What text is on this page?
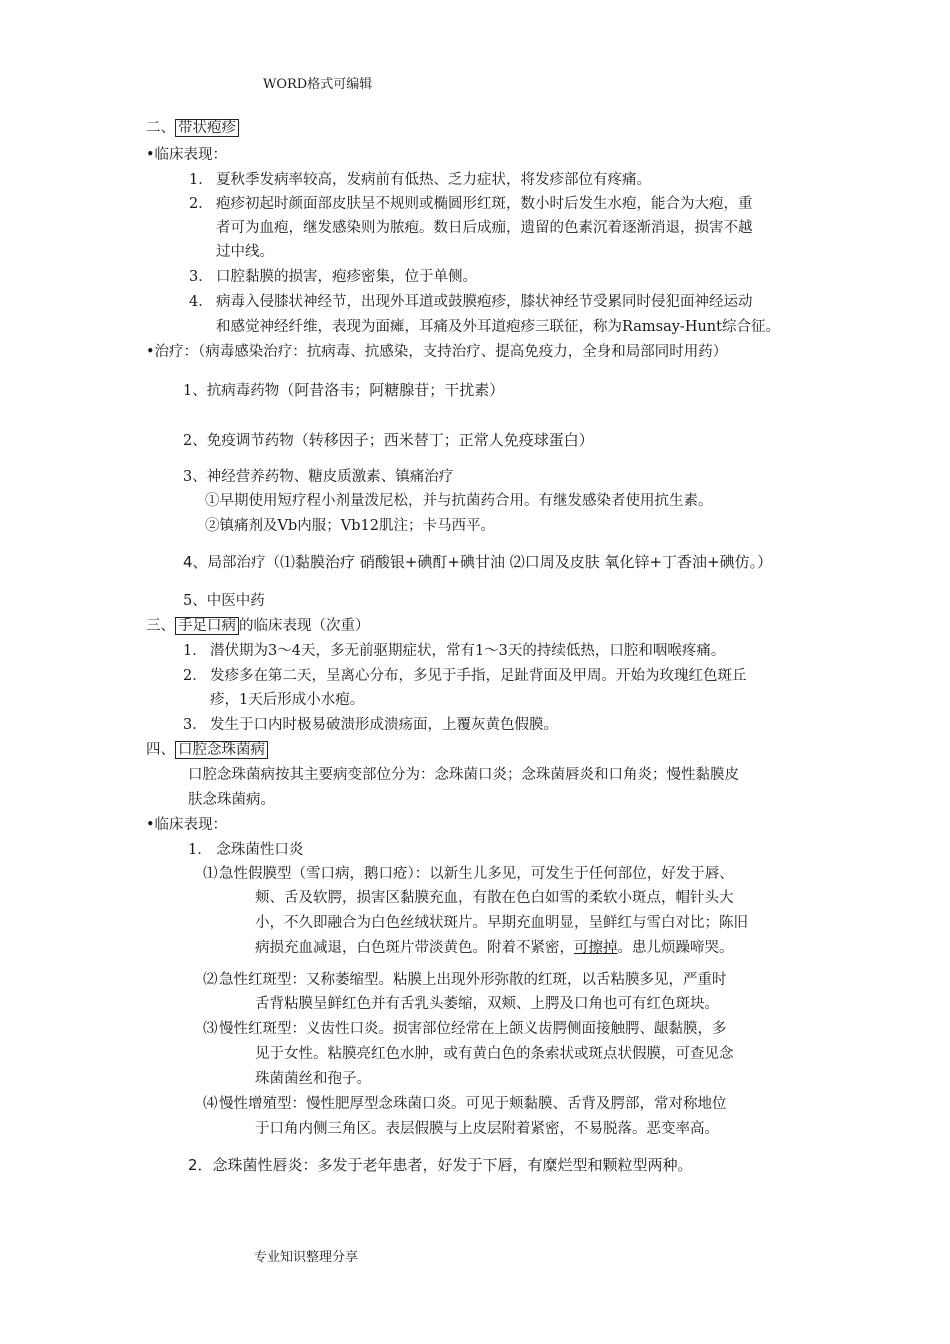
WORD格式可编辑
二、 带状疱疹
•临床表现：
1． 夏秋季发病率较高，发病前有低热、乏力症状，将发疹部位有疼痛。
2． 疱疹初起时颜面部皮肤呈不规则或椭圆形红斑，数小时后发生水疱，能合为大疱，重
者可为血疱，继发感染则为脓疱。数日后成痂，遗留的色素沉着逐渐消退，损害不越
过中线。
3． 口腔黏膜的损害，疱疹密集，位于单侧。
4． 病毒入侵膝状神经节，出现外耳道或鼓膜疱疹，膝状神经节受累同时侵犯面神经运动
和感觉神经纤维，表现为面瘫，耳痛及外耳道疱疹三联征，称为Ramsay-Hunt综合征。
•治疗：（病毒感染治疗：抗病毒、抗感染，支持治疗、提高免疫力，全身和局部同时用药）
1、抗病毒药物（阿昔洛韦；阿糖腺苷；干扰素）
2、免疫调节药物（转移因子；西米替丁；正常人免疫球蛋白）
3、神经营养药物、糖皮质激素、镇痛治疗
①早期使用短疗程小剂量泼尼松，并与抗菌药合用。有继发感染者使用抗生素。
②镇痛剂及Vb内服；Vb12肌注；卡马西平。
4、局部治疗（⑴黏膜治疗 硝酸银+碘酊+碘甘油 ⑵口周及皮肤 氧化锌+丁香油+碘仿。）
5、中医中药
三、 手足口病 的临床表现（次重）
1． 潜伏期为3～4天，多无前驱期症状，常有1～3天的持续低热，口腔和咽喉疼痛。
2． 发疹多在第二天，呈离心分布，多见于手指，足趾背面及甲周。开始为玫瑰红色斑丘
疹，1天后形成小水疱。
3． 发生于口内时极易破溃形成溃疡面，上覆灰黄色假膜。
四、 口腔念珠菌病
口腔念珠菌病按其主要病变部位分为：念珠菌口炎；念珠菌唇炎和口角炎；慢性黏膜皮
肤念珠菌病。
•临床表现：
1． 念珠菌性口炎
⑴ 急性假膜型（雪口病，鹅口疮）：以新生儿多见，可发生于任何部位，好发于唇、
颊、舌及软腭，损害区黏膜充血，有散在色白如雪的柔软小斑点，帽针头大
小，不久即融合为白色丝绒状斑片。早期充血明显，呈鲜红与雪白对比；陈旧
病损充血减退，白色斑片带淡黄色。附着不紧密，可擦掉。患儿烦躁啼哭。
⑵ 急性红斑型：又称萎缩型。粘膜上出现外形弥散的红斑，以舌粘膜多见，严重时
舌背粘膜呈鲜红色并有舌乳头萎缩，双颊、上腭及口角也可有红色斑块。
⑶ 慢性红斑型：义齿性口炎。损害部位经常在上颌义齿腭侧面接触腭、龈黏膜，多
见于女性。粘膜亮红色水肿，或有黄白色的条索状或斑点状假膜，可查见念
珠菌菌丝和孢子。
⑷ 慢性增殖型：慢性肥厚型念珠菌口炎。可见于颊黏膜、舌背及腭部，常对称地位
于口角内侧三角区。表层假膜与上皮层附着紧密，不易脱落。恶变率高。
2．念珠菌性唇炎：多发于老年患者，好发于下唇，有糜烂型和颗粒型两种。
专业知识整理分享
